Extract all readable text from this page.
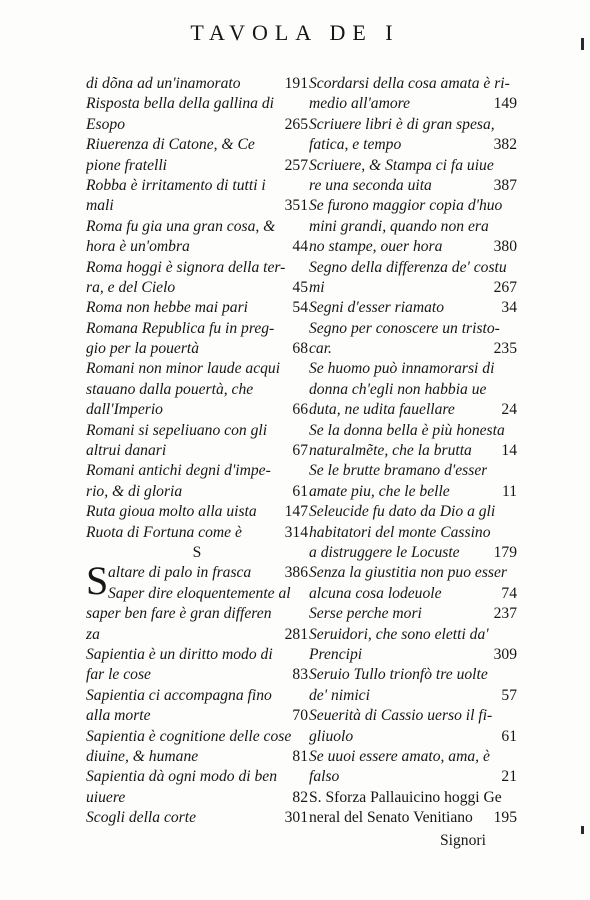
TAVOLA DE I
di dõna ad un'inamorato	191
Risposta bella della gallina di
Esopo	265
Riuerenza di Catone, & Ce
pione fratelli	257
Robba è irritamento di tutti i
mali	351
Roma fu gia una gran cosa, &
hora è un'ombra	44
Roma hoggi è signora della ter-
ra, e del Cielo	45
Roma non hebbe mai pari	54
Romana Republica fu in preg-
gio per la pouertà	68
Romani non minor laude acqui
stauano dalla pouertà, che
dall'Imperio	66
Romani si sepeliuano con gli
altrui danari	67
Romani antichi degni d'impe-
rio, & di gloria	61
Ruta gioua molto alla uista 147
Ruota di Fortuna come è	314
S
S altare di palo in frasca 386
Saper dire eloquentemente al
saper ben fare è gran differen
za	281
Sapientia è un diritto modo di
far le cose	83
Sapientia ci accompagna fino
alla morte	70
Sapientia è cognitione delle cose
diuine, & humane	81
Sapientia dà ogni modo di ben
uiuere	82
Scogli della corte	301
Scordarsi della cosa amata è ri-
medio all'amore	149
Scriuere libri è di gran spesa,
fatica, e tempo	382
Scriuere, & Stampa ci fa uiue
re una seconda uita	387
Se furono maggior copia d'huo
mini grandi, quando non era
no stampe, ouer hora	380
Segno della differenza de' costu
mi	267
Segni d'esser riamato	34
Segno per conoscere un tristo-
car.	235
Se huomo può innamorarsi di
donna ch'egli non habbia ue
duta, ne udita fauellare	24
Se la donna bella è più honesta
naturalmẽte, che la brutta 14
Se le brutte bramano d'esser
amate piu, che le belle	11
Seleucide fu dato da Dio a gli
habitatori del monte Cassino
a distruggere le Locuste 179
Senza la giustitia non puo esser
alcuna cosa lodeuole	74
Serse perche mori	237
Seruidori, che sono eletti da'
Prencipi	309
Seruio Tullo trionfò tre uolte
de' nimici	57
Seuerità di Cassio uerso il fi-
gliuolo	61
Se uuoi essere amato, ama, è
falso	21
S. Sforza Pallauicino hoggi Ge
neral del Senato Venitiano 195
Signori
